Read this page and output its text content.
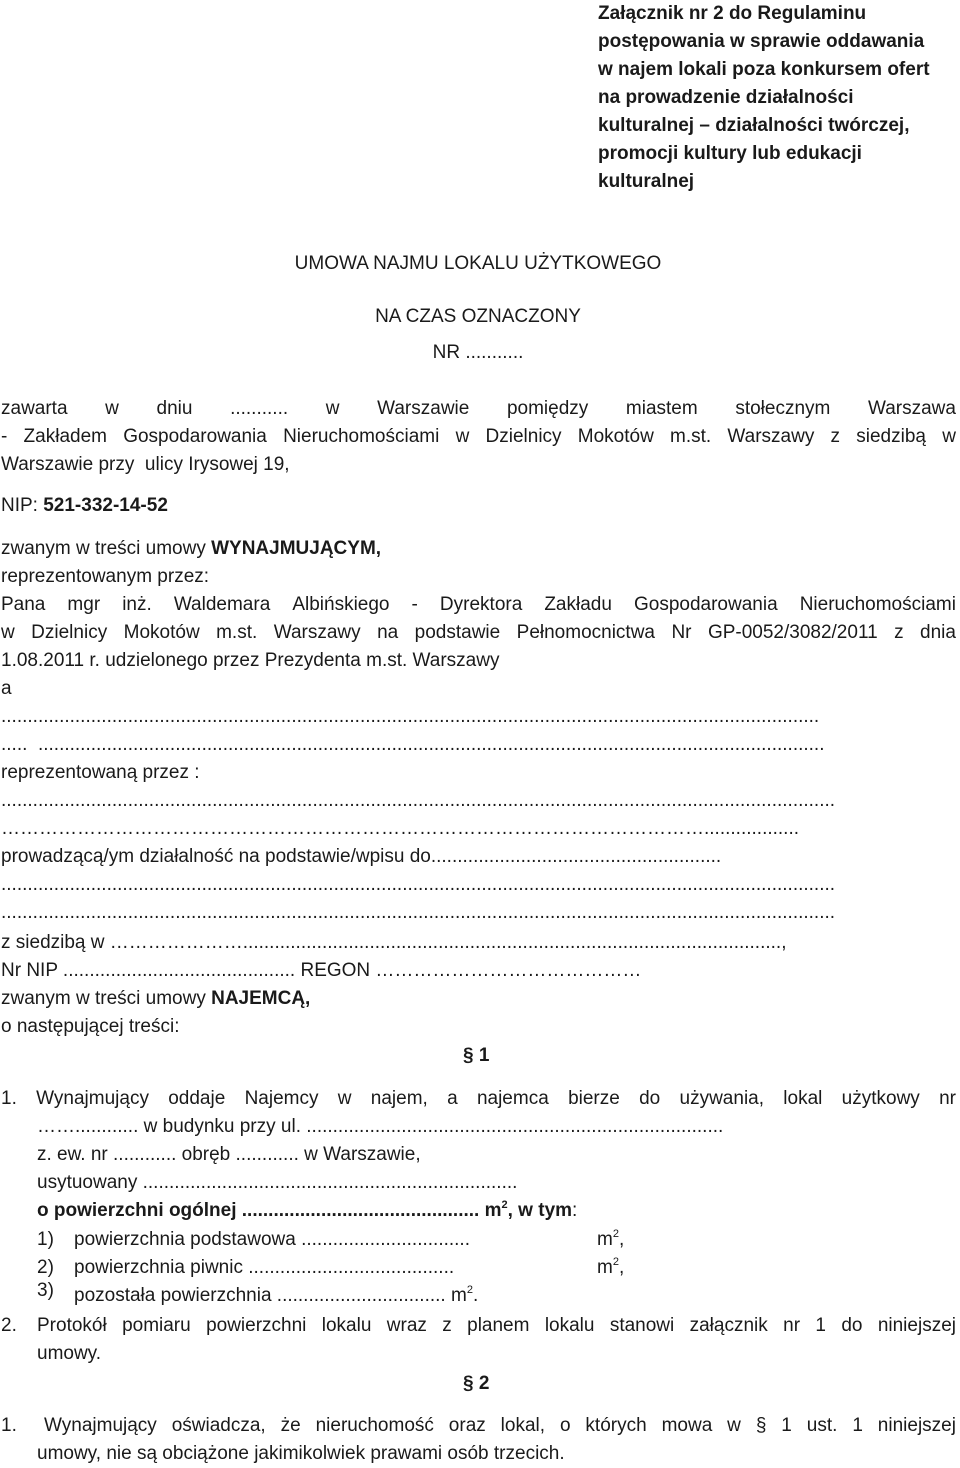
Załącznik nr 2 do Regulaminu
postępowania w sprawie oddawania
w najem lokali poza konkursem ofert
na prowadzenie działalności
kulturalnej – działalności twórczej,
promocji kultury lub edukacji
kulturalnej
UMOWA NAJMU LOKALU UŻYTKOWEGO
NA CZAS OZNACZONY
NR ...........
zawarta w dniu ........... w Warszawie pomiędzy miastem stołecznym Warszawa
- Zakładem Gospodarowania Nieruchomościami w Dzielnicy Mokotów m.st. Warszawy z siedzibą w
Warszawie przy  ulicy Irysowej 19,
NIP: 521-332-14-52
zwanym w treści umowy WYNAJMUJĄCYM,
reprezentowanym przez:
Pana mgr inż. Waldemara Albińskiego - Dyrektora Zakładu Gospodarowania Nieruchomościami
w Dzielnicy Mokotów m.st. Warszawy na podstawie Pełnomocnictwa Nr GP-0052/3082/2011 z dnia
1.08.2011 r. udzielonego przez Prezydenta m.st. Warszawy
a
...........................................................................................................................................................
.....  .....................................................................................................................................................
reprezentowaną przez :
..............................................................................................................................................................
…………………………………………………………………………………………………..................
prowadzącą/ym działalność na podstawie/wpisu do.......................................................
..............................................................................................................................................................
..............................................................................................................................................................
z siedzibą w …………………......................................................................................................,
Nr NIP ............................................ REGON ……………………………………
zwanym w treści umowy NAJEMCĄ,
o następującej treści:
§ 1
1. Wynajmujący oddaje Najemcy w najem, a najemca bierze do używania, lokal użytkowy nr
……............ w budynku przy ul. ...............................................................................
z. ew. nr ............ obręb ............ w Warszawie,
usytuowany .......................................................................
o powierzchni ogólnej ............................................. $m^2$, w tym:
1) powierzchnia podstawowa ................................	$m^2$,
2) powierzchnia piwnic .......................................	$m^2$,
3) pozostała powierzchnia ................................ $m^2$.
2. Protokół pomiaru powierzchni lokalu wraz z planem lokalu stanowi załącznik nr 1 do niniejszej
umowy.
§ 2
1. Wynajmujący oświadcza, że nieruchomość oraz lokal, o których mowa w § 1 ust. 1 niniejszej
umowy, nie są obciążone jakimikolwiek prawami osób trzecich.
